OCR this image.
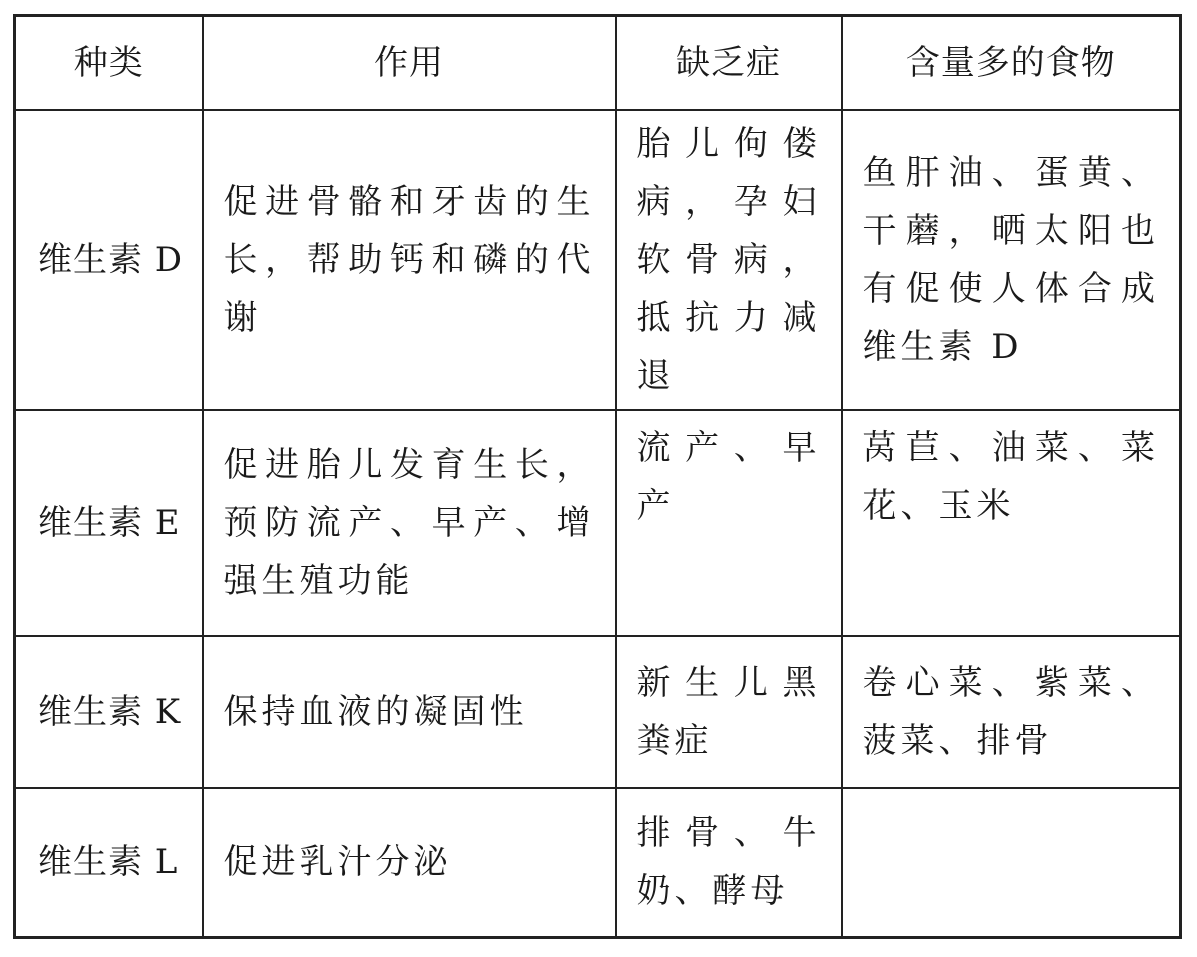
种类	作用	缺乏症	含量多的食物
维生素 D	促进骨骼和牙齿的生长，帮助钙和磷的代谢	胎儿佝偻病，孕妇软骨病，抵抗力减退	鱼肝油、蛋黄、干蘑，晒太阳也有促使人体合成维生素 D
维生素 E	促进胎儿发育生长，预防流产、早产、增强生殖功能	流产、早产	莴苣、油菜、菜花、玉米
维生素 K	保持血液的凝固性	新生儿黑粪症	卷心菜、紫菜、菠菜、排骨
维生素 L	促进乳汁分泌	排骨、牛奶、酵母	
